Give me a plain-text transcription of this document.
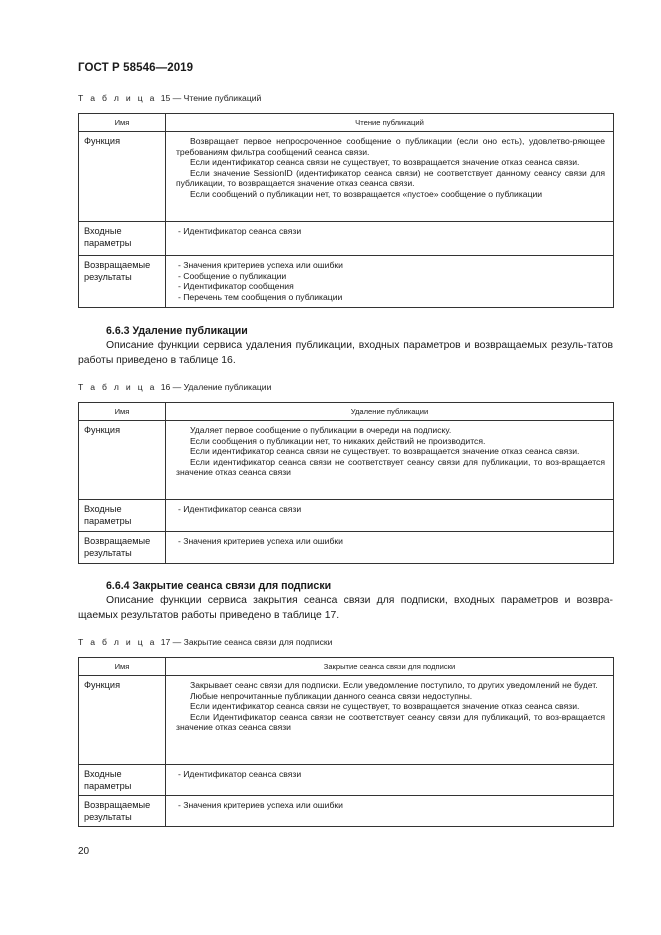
ГОСТ Р 58546—2019
Т а б л и ц а 15 — Чтение публикаций
Имя	Чтение публикаций
Функция	Возвращает первое непросроченное сообщение о публикации (если оно есть), удовлетво-ряющее требованиям фильтра сообщений сеанса связи.
Если идентификатор сеанса связи не существует, то возвращается значение отказ сеанса связи.
Если значение SessionID (идентификатор сеанса связи) не соответствует данному сеансу связи для публикации, то возвращается значение отказ сеанса связи.
Если сообщений о публикации нет, то возвращается «пустое» сообщение о публикации

Входные параметры	- Идентификатор сеанса связи

Возвращаемые результаты	- Значения критериев успеха или ошибки
- Сообщение о публикации
- Идентификатор сообщения
- Перечень тем сообщения о публикации
6.6.3 Удаление публикации
Описание функции сервиса удаления публикации, входных параметров и возвращаемых резуль-татов работы приведено в таблице 16.
Т а б л и ц а 16 — Удаление публикации
Имя	Удаление публикации
Функция	Удаляет первое сообщение о публикации в очереди на подписку.
Если сообщения о публикации нет, то никаких действий не производится.
Если идентификатор сеанса связи не существует. то возвращается значение отказ сеанса связи.
Если идентификатор сеанса связи не соответствует сеансу связи для публикации, то воз-вращается значение отказ сеанса связи

Входные параметры	- Идентификатор сеанса связи

Возвращаемые результаты	- Значения критериев успеха или ошибки
6.6.4 Закрытие сеанса связи для подписки
Описание функции сервиса закрытия сеанса связи для подписки, входных параметров и возвра-щаемых результатов работы приведено в таблице 17.
Т а б л и ц а 17 — Закрытие сеанса связи для подписки
Имя	Закрытие сеанса связи для подписки
Функция	Закрывает сеанс связи для подписки. Если уведомление поступило, то других уведомлений не будет.
Любые непрочитанные публикации данного сеанса связи недоступны.
Если идентификатор сеанса связи не существует, то возвращается значение отказ сеанса связи.
Если Идентификатор сеанса связи не соответствует сеансу связи для публикаций, то воз-вращается значение отказ сеанса связи

Входные параметры	- Идентификатор сеанса связи

Возвращаемые результаты	- Значения критериев успеха или ошибки
20
